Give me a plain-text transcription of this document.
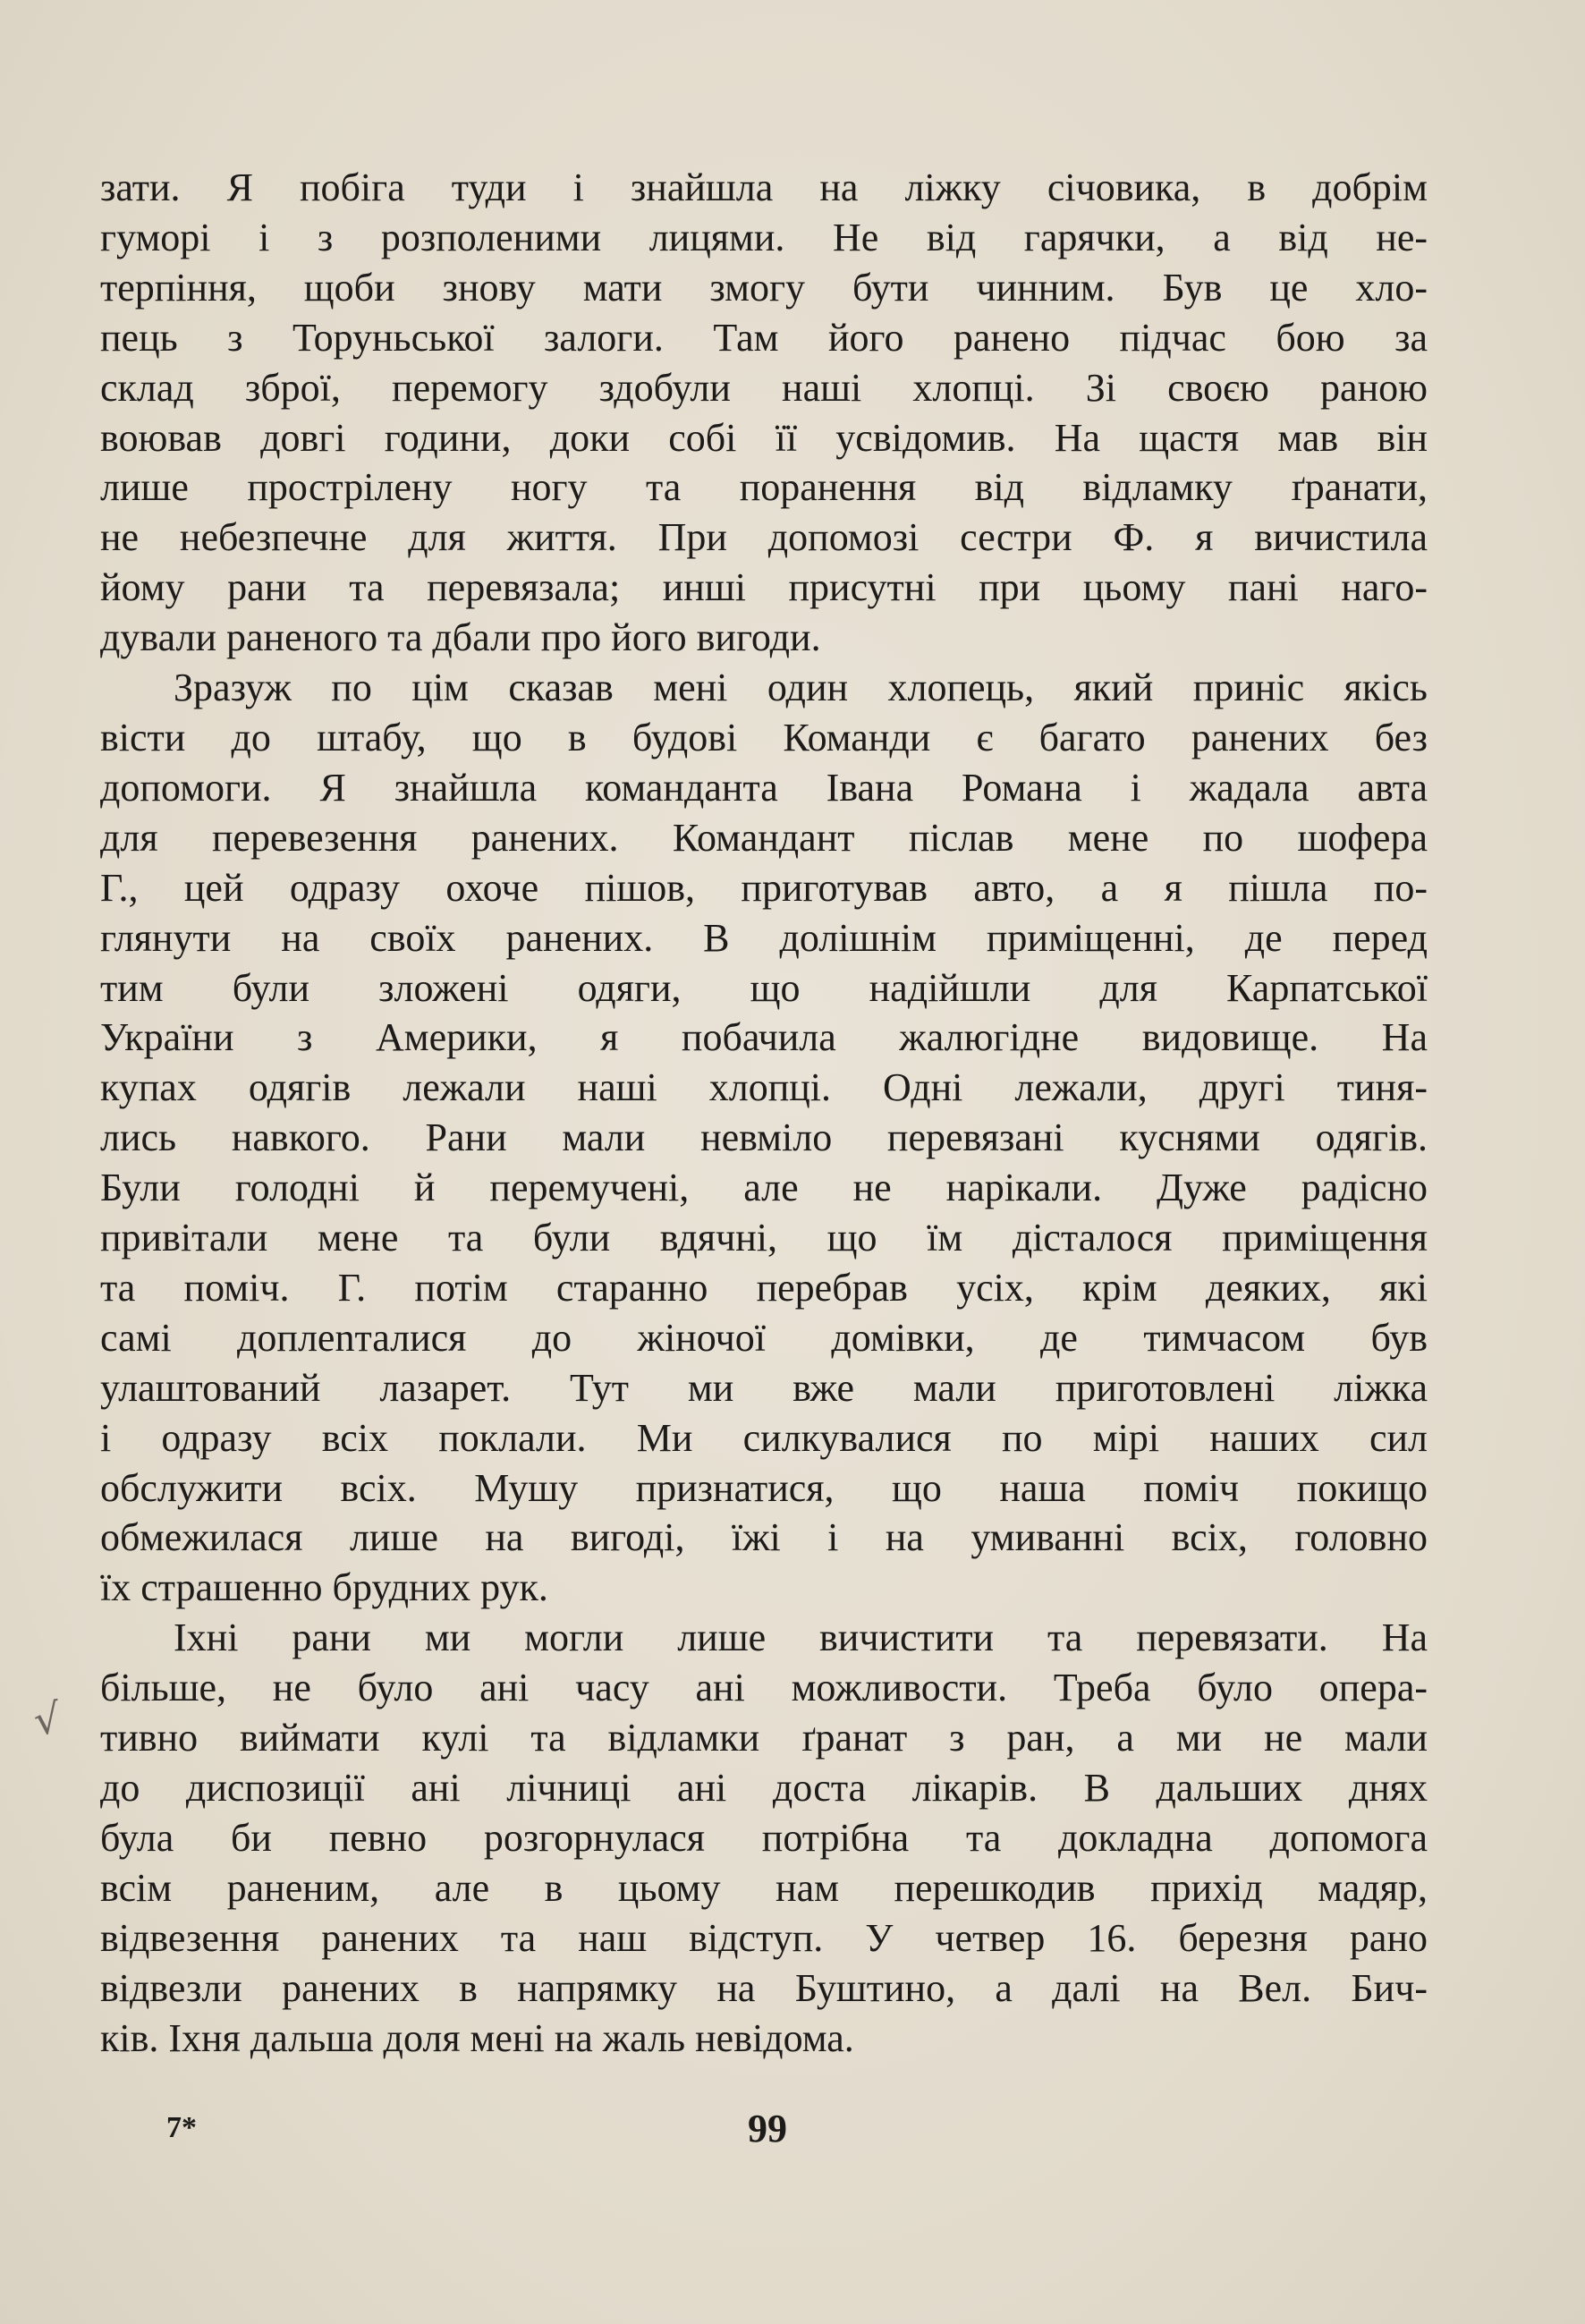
зати. Я побіга туди і знайшла на ліжку січовика, в добрім
гуморі і з розполеними лицями. Не від гарячки, а від не-
терпіння, щоби знову мати змогу бути чинним. Був це хло-
пець з Торуньської залоги. Там його ранено підчас бою за
склад зброї, перемогу здобули наші хлопці. Зі своєю раною
воював довгі години, доки собі її усвідомив. На щастя мав він
лише прострілену ногу та поранення від відламку ґранати,
не небезпечне для життя. При допомозі сестри Ф. я вичистила
йому рани та перевязала; инші присутні при цьому пані наго-
дували раненого та дбали про його вигоди.
Зразуж по цім сказав мені один хлопець, який приніс якісь
вісти до штабу, що в будові Команди є багато ранених без
допомоги. Я знайшла команданта Івана Романа і жадала авта
для перевезення ранених. Командант післав мене по шофера
Г., цей одразу охоче пішов, приготував авто, а я пішла по-
глянути на своїх ранених. В долішнім приміщенні, де перед
тим були зложені одяги, що надійшли для Карпатської
України з Америки, я побачила жалюгідне видовище. На
купах одягів лежали наші хлопці. Одні лежали, другі тиня-
лись навкого. Рани мали невміло перевязані куснями одягів.
Були голодні й перемучені, але не нарікали. Дуже радісно
привітали мене та були вдячні, що їм дісталося приміщення
та поміч. Г. потім старанно перебрав усіх, крім деяких, які
самі доплenталися до жіночої домівки, де тимчасом був
улаштований лазарет. Тут ми вже мали приготовлені ліжка
і одразу всіх поклали. Ми силкувалися по мірі наших сил
обслужити всіх. Мушу признатися, що наша поміч покищо
обмежилася лише на вигоді, їжі і на умиванні всіх, головно
їх страшенно брудних рук.
Іхні рани ми могли лише вичистити та перевязати. На
більше, не було ані часу ані можливости. Треба було опера-
тивно виймати кулі та відламки ґранат з ран, а ми не мали
до диспозиції ані лічниці ані доста лікарів. В дальших днях
була би певно розгорнулася потрібна та докладна допомога
всім раненим, але в цьому нам перешкодив прихід мадяр,
відвезення ранених та наш відступ. У четвер 16. березня рано
відвезли ранених в напрямку на Буштино, а далі на Вел. Бич-
ків. Іхня дальша доля мені на жаль невідома.
√
7*	99
